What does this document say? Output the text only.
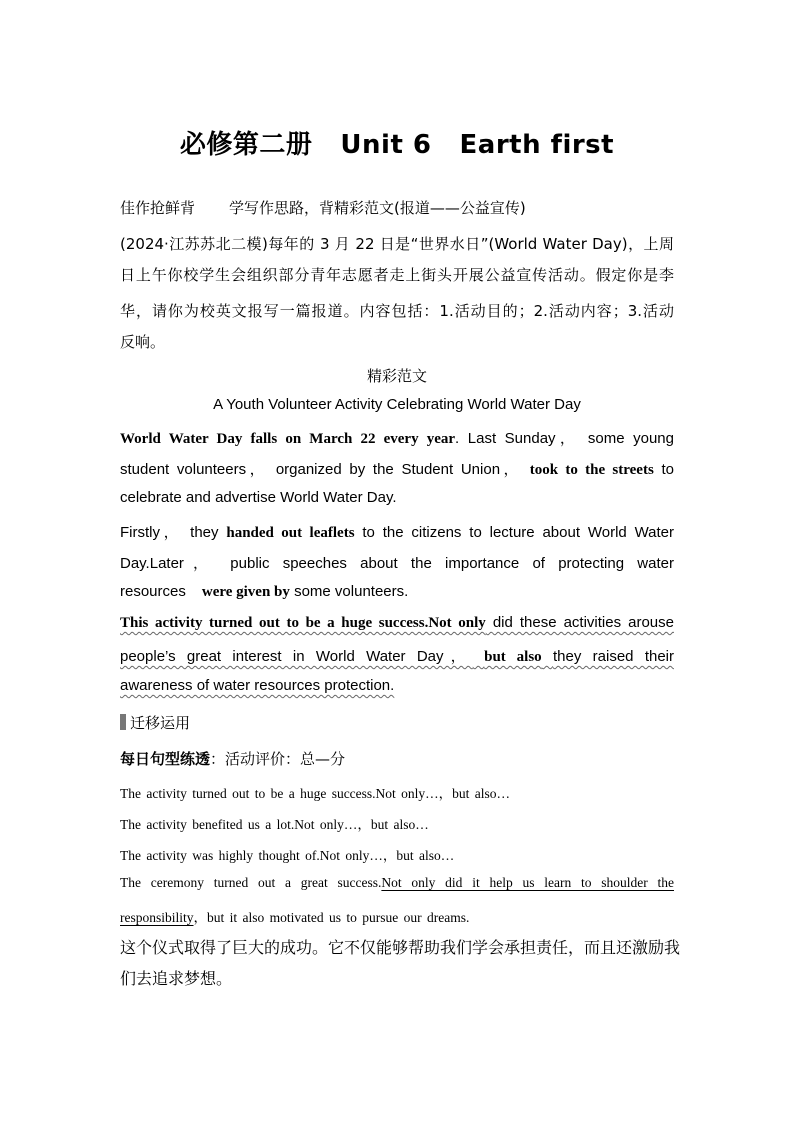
必修第二册 Unit 6 Earth first
佳作抢鲜背 学写作思路，背精彩范文(报道——公益宣传)
(2024·江苏苏北二模)每年的 3 月 22 日是“世界水日”(World Water Day)，上周
日上午你校学生会组织部分青年志愿者走上街头开展公益宣传活动。假定你是李
华，请你为校英文报写一篇报道。内容包括：1.活动目的；2.活动内容；3.活动
反响。
精彩范文
A Youth Volunteer Activity Celebrating World Water Day
World Water Day falls on March 22 every year. Last Sunday， some young
student volunteers， organized by the Student Union， took to the streets to
celebrate and advertise World Water Day.
Firstly， they handed out leaflets to the citizens to lecture about World Water
Day.Later， public speeches about the importance of protecting water
resources were given by some volunteers.
This activity turned out to be a huge success.Not only did these activities arouse
people’s great interest in World Water Day， but also they raised their
awareness of water resources protection.
迁移运用
每日句型练透：活动评价：总—分
The activity turned out to be a huge success.Not only…，but also…
The activity benefited us a lot.Not only…，but also…
The activity was highly thought of.Not only…，but also…
The ceremony turned out a great success.Not only did it help us learn to shoulder the
responsibility，but it also motivated us to pursue our dreams.
这个仪式取得了巨大的成功。它不仅能够帮助我们学会承担责任，而且还激励我
们去追求梦想。
